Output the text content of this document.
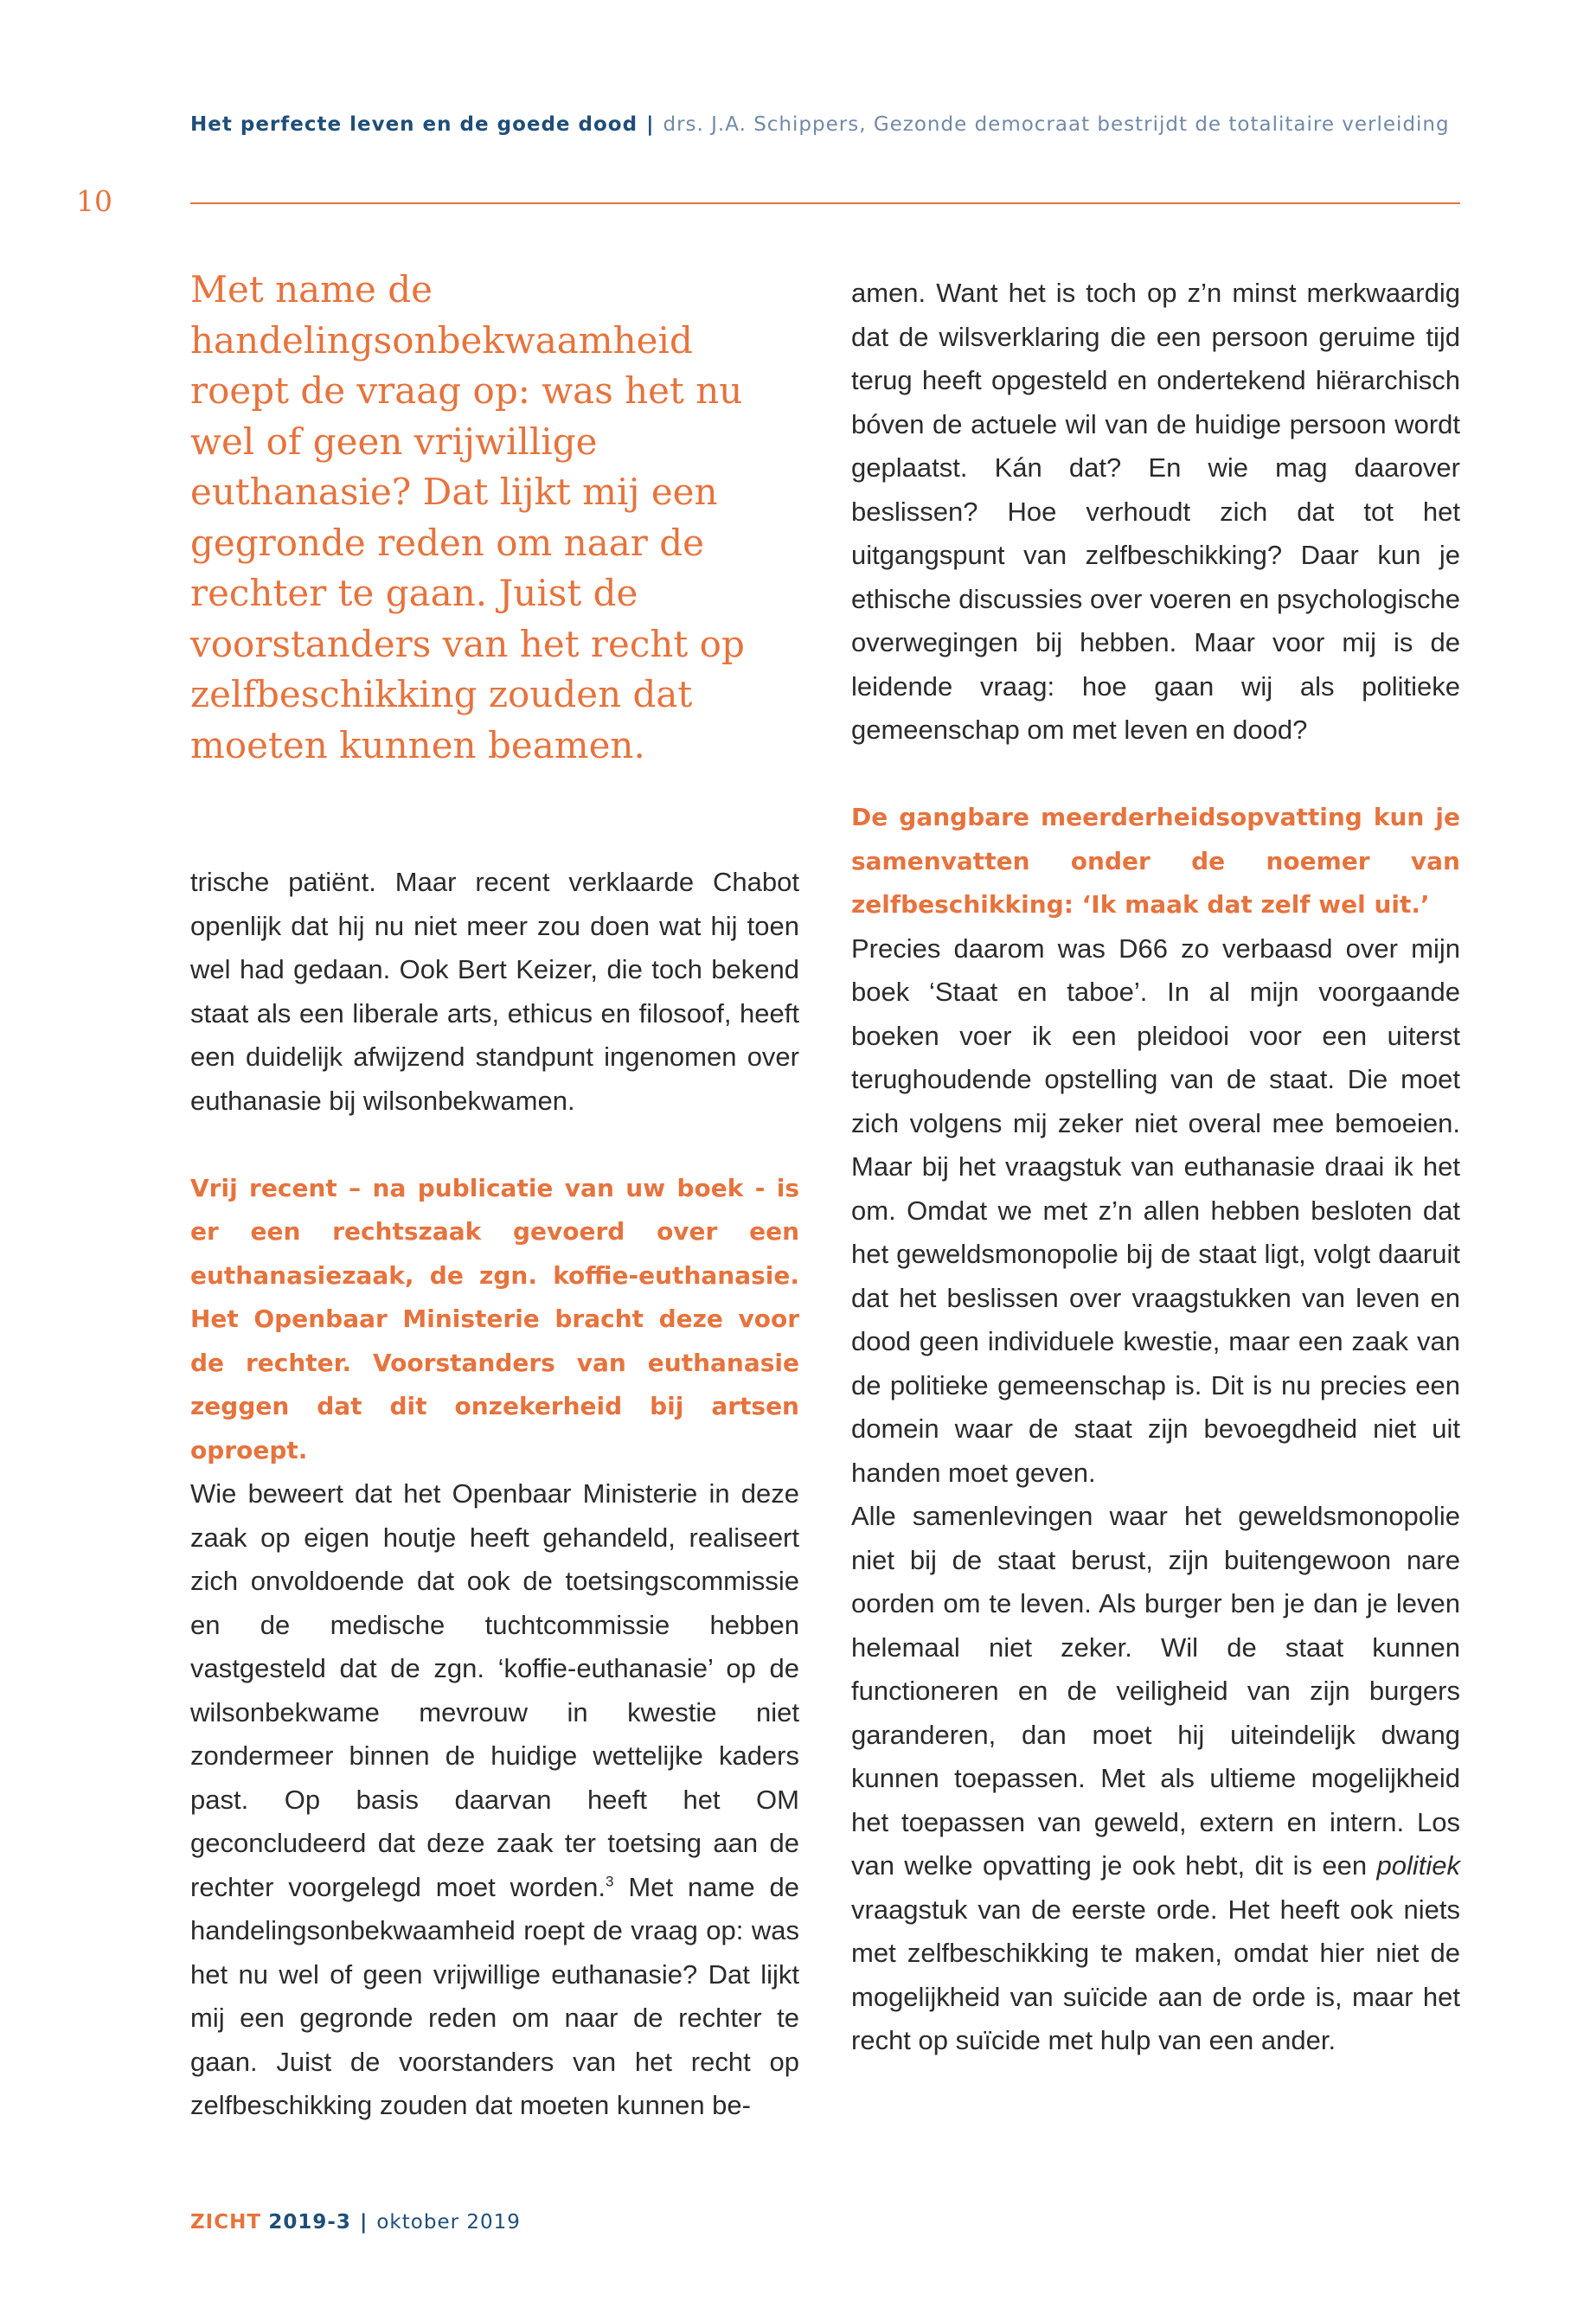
Het perfecte leven en de goede dood | drs. J.A. Schippers, Gezonde democraat bestrijdt de totalitaire verleiding
10

Met name de handelingsonbekwaamheid roept de vraag op: was het nu wel of geen vrijwillige euthanasie? Dat lijkt mij een gegronde reden om naar de rechter te gaan. Juist de voorstanders van het recht op zelfbeschikking zouden dat moeten kunnen beamen.

trische patiënt. Maar recent verklaarde Chabot openlijk dat hij nu niet meer zou doen wat hij toen wel had gedaan. Ook Bert Keizer, die toch bekend staat als een liberale arts, ethicus en filosoof, heeft een duidelijk afwijzend standpunt ingenomen over euthanasie bij wilsonbekwamen.

Vrij recent – na publicatie van uw boek - is er een rechtszaak gevoerd over een euthanasiezaak, de zgn. koffie-euthanasie. Het Openbaar Ministerie bracht deze voor de rechter. Voorstanders van euthanasie zeggen dat dit onzekerheid bij artsen oproept.

Wie beweert dat het Openbaar Ministerie in deze zaak op eigen houtje heeft gehandeld, realiseert zich onvoldoende dat ook de toetsingscommissie en de medische tuchtcommissie hebben vastgesteld dat de zgn. ‘koffie-euthanasie’ op de wilsonbekwame mevrouw in kwestie niet zondermeer binnen de huidige wettelijke kaders past. Op basis daarvan heeft het OM geconcludeerd dat deze zaak ter toetsing aan de rechter voorgelegd moet worden.$^3$ Met name de handelingsonbekwaamheid roept de vraag op: was het nu wel of geen vrijwillige euthanasie? Dat lijkt mij een gegronde reden om naar de rechter te gaan. Juist de voorstanders van het recht op zelfbeschikking zouden dat moeten kunnen be-

amen. Want het is toch op z’n minst merkwaardig dat de wilsverklaring die een persoon geruime tijd terug heeft opgesteld en ondertekend hiërarchisch bóven de actuele wil van de huidige persoon wordt geplaatst. Kán dat? En wie mag daarover beslissen? Hoe verhoudt zich dat tot het uitgangspunt van zelfbeschikking? Daar kun je ethische discussies over voeren en psychologische overwegingen bij hebben. Maar voor mij is de leidende vraag: hoe gaan wij als politieke gemeenschap om met leven en dood?

De gangbare meerderheidsopvatting kun je samenvatten onder de noemer van zelfbeschikking: ‘Ik maak dat zelf wel uit.’

Precies daarom was D66 zo verbaasd over mijn boek ‘Staat en taboe’. In al mijn voorgaande boeken voer ik een pleidooi voor een uiterst terughoudende opstelling van de staat. Die moet zich volgens mij zeker niet overal mee bemoeien. Maar bij het vraagstuk van euthanasie draai ik het om. Omdat we met z’n allen hebben besloten dat het geweldsmonopolie bij de staat ligt, volgt daaruit dat het beslissen over vraagstukken van leven en dood geen individuele kwestie, maar een zaak van de politieke gemeenschap is. Dit is nu precies een domein waar de staat zijn bevoegdheid niet uit handen moet geven.

Alle samenlevingen waar het geweldsmonopolie niet bij de staat berust, zijn buitengewoon nare oorden om te leven. Als burger ben je dan je leven helemaal niet zeker. Wil de staat kunnen functioneren en de veiligheid van zijn burgers garanderen, dan moet hij uiteindelijk dwang kunnen toepassen. Met als ultieme mogelijkheid het toepassen van geweld, extern en intern. Los van welke opvatting je ook hebt, dit is een politiek vraagstuk van de eerste orde. Het heeft ook niets met zelfbeschikking te maken, omdat hier niet de mogelijkheid van suïcide aan de orde is, maar het recht op suïcide met hulp van een ander.

ZICHT 2019-3 | oktober 2019
